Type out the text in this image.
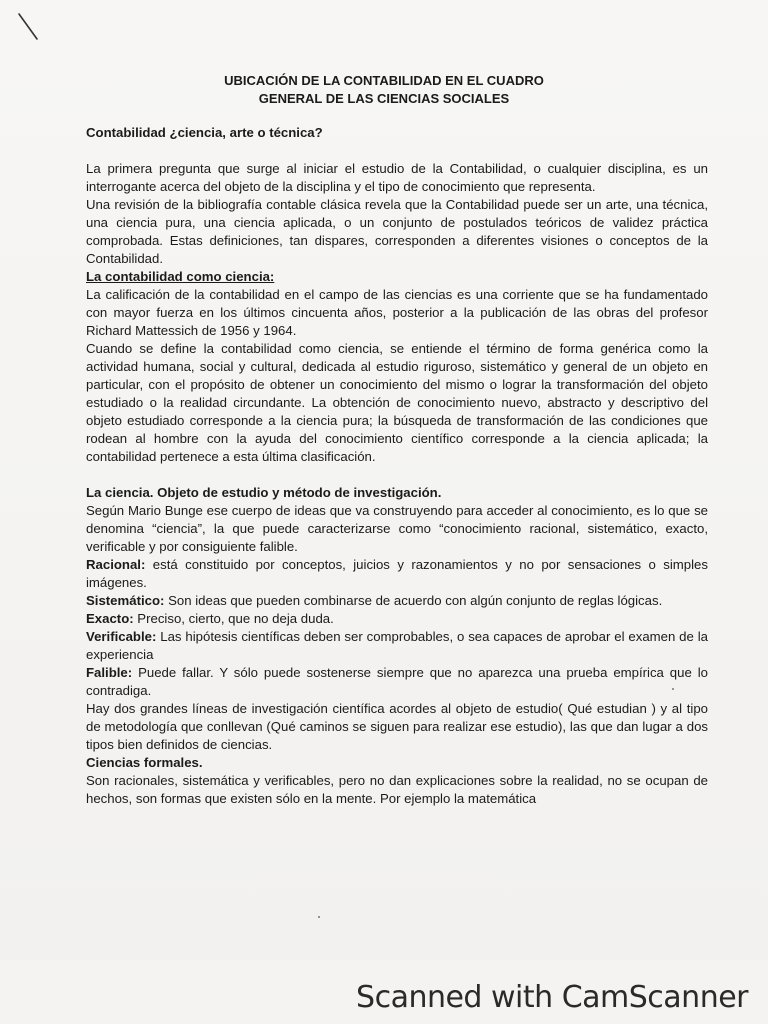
UBICACIÓN DE LA CONTABILIDAD EN EL CUADRO
GENERAL DE LAS CIENCIAS SOCIALES

Contabilidad ¿ciencia, arte o técnica?

La primera pregunta que surge al iniciar el estudio de la Contabilidad, o cualquier disciplina, es un interrogante acerca del objeto de la disciplina y el tipo de conocimiento que representa.

Una revisión de la bibliografía contable clásica revela que la Contabilidad puede ser un arte, una técnica, una ciencia pura, una ciencia aplicada, o un conjunto de postulados teóricos de validez práctica comprobada. Estas definiciones, tan dispares, corresponden a diferentes visiones o conceptos de la Contabilidad.

La contabilidad como ciencia:

La calificación de la contabilidad en el campo de las ciencias es una corriente que se ha fundamentado con mayor fuerza en los últimos cincuenta años, posterior a la publicación de las obras del profesor Richard Mattessich de 1956 y 1964.

Cuando se define la contabilidad como ciencia, se entiende el término de forma genérica como la actividad humana, social y cultural, dedicada al estudio riguroso, sistemático y general de un objeto en particular, con el propósito de obtener un conocimiento del mismo o lograr la transformación del objeto estudiado o la realidad circundante. La obtención de conocimiento nuevo, abstracto y descriptivo del objeto estudiado corresponde a la ciencia pura; la búsqueda de transformación de las condiciones que rodean al hombre con la ayuda del conocimiento científico corresponde a la ciencia aplicada; la contabilidad pertenece a esta última clasificación.

La ciencia. Objeto de estudio y método de investigación.

Según Mario Bunge ese cuerpo de ideas que va construyendo para acceder al conocimiento, es lo que se denomina “ciencia”, la que puede caracterizarse como “conocimiento racional, sistemático, exacto, verificable y por consiguiente falible.

Racional: está constituido por conceptos, juicios y razonamientos y no por sensaciones o simples imágenes.

Sistemático: Son ideas que pueden combinarse de acuerdo con algún conjunto de reglas lógicas.

Exacto: Preciso, cierto, que no deja duda.

Verificable: Las hipótesis científicas deben ser comprobables, o sea capaces de aprobar el examen de la experiencia

Falible: Puede fallar. Y sólo puede sostenerse siempre que no aparezca una prueba empírica que lo contradiga.

Hay dos grandes líneas de investigación científica acordes al objeto de estudio( Qué estudian ) y al tipo de metodología que conllevan (Qué caminos se siguen para realizar ese estudio), las que dan lugar a dos tipos bien definidos de ciencias.

Ciencias formales.

Son racionales, sistemática y verificables, pero no dan explicaciones sobre la realidad, no se ocupan de hechos, son formas que existen sólo en la mente. Por ejemplo la matemática

Scanned with CamScanner
